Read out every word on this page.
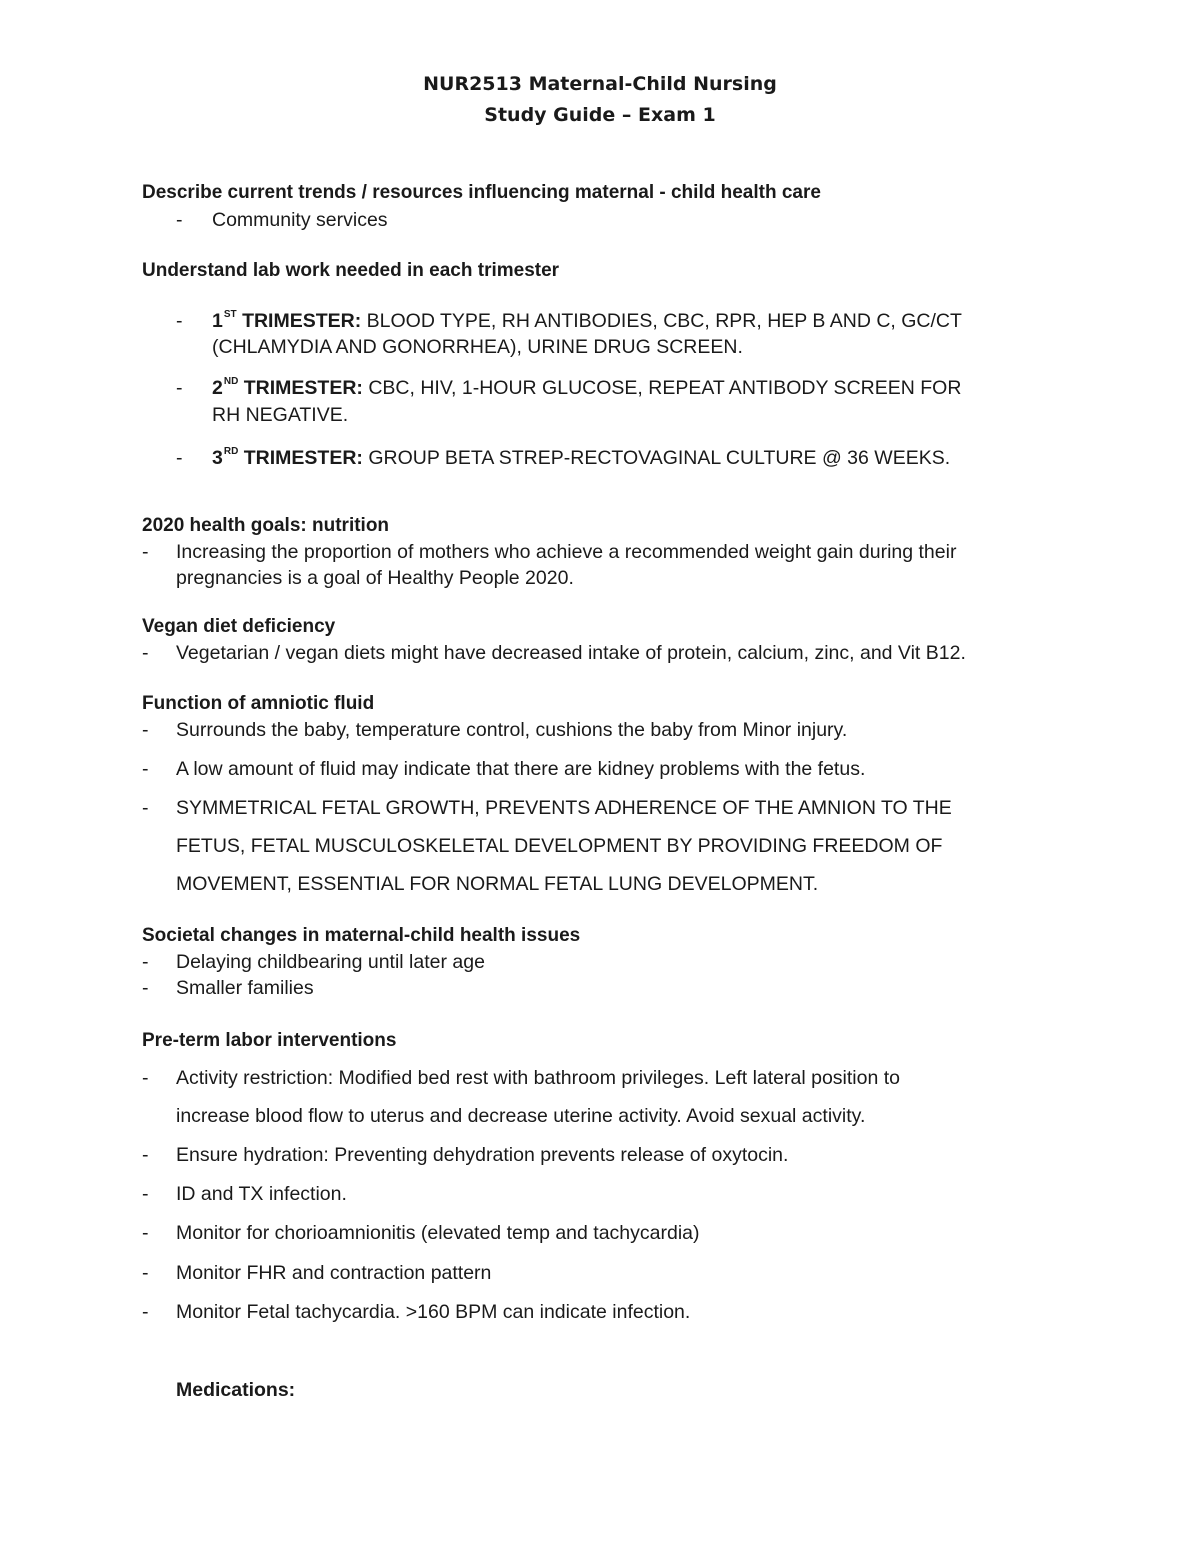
NUR2513 Maternal-Child Nursing
Study Guide – Exam 1
Describe current trends / resources influencing maternal - child health care
- Community services
Understand lab work needed in each trimester
- 1ST TRIMESTER: BLOOD TYPE, RH ANTIBODIES, CBC, RPR, HEP B AND C, GC/CT
(CHLAMYDIA AND GONORRHEA), URINE DRUG SCREEN.
- 2ND TRIMESTER: CBC, HIV, 1-HOUR GLUCOSE, REPEAT ANTIBODY SCREEN FOR
RH NEGATIVE.
- 3RD TRIMESTER: GROUP BETA STREP-RECTOVAGINAL CULTURE @ 36 WEEKS.
2020 health goals: nutrition
- Increasing the proportion of mothers who achieve a recommended weight gain during their
pregnancies is a goal of Healthy People 2020.
Vegan diet deficiency
- Vegetarian / vegan diets might have decreased intake of protein, calcium, zinc, and Vit B12.
Function of amniotic fluid
- Surrounds the baby, temperature control, cushions the baby from Minor injury.
- A low amount of fluid may indicate that there are kidney problems with the fetus.
- SYMMETRICAL FETAL GROWTH, PREVENTS ADHERENCE OF THE AMNION TO THE
FETUS, FETAL MUSCULOSKELETAL DEVELOPMENT BY PROVIDING FREEDOM OF
MOVEMENT, ESSENTIAL FOR NORMAL FETAL LUNG DEVELOPMENT.
Societal changes in maternal-child health issues
- Delaying childbearing until later age
- Smaller families
Pre-term labor interventions
- Activity restriction: Modified bed rest with bathroom privileges. Left lateral position to
increase blood flow to uterus and decrease uterine activity. Avoid sexual activity.
- Ensure hydration: Preventing dehydration prevents release of oxytocin.
- ID and TX infection.
- Monitor for chorioamnionitis (elevated temp and tachycardia)
- Monitor FHR and contraction pattern
- Monitor Fetal tachycardia. >160 BPM can indicate infection.
Medications:
